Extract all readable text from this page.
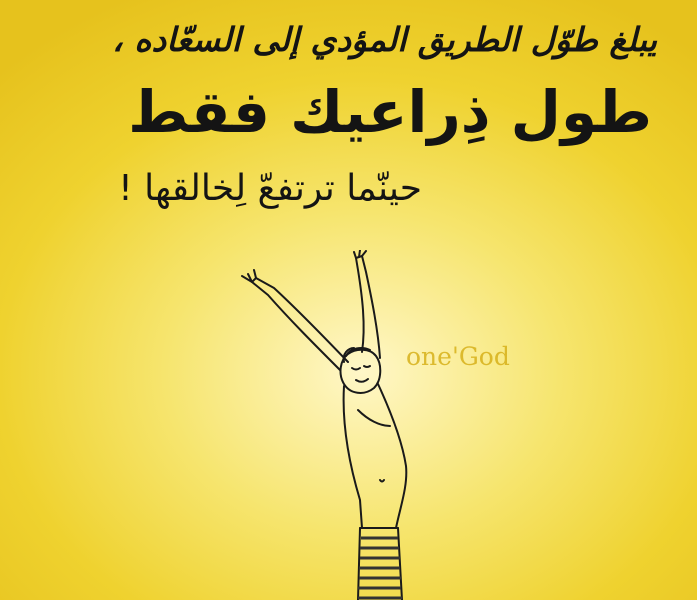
يبلغ طوّل الطريق المؤدي إلى السعّاده ،

طول ذِراعيك فقط

حينّما ترتفعّ لِخالقها !

one'God
